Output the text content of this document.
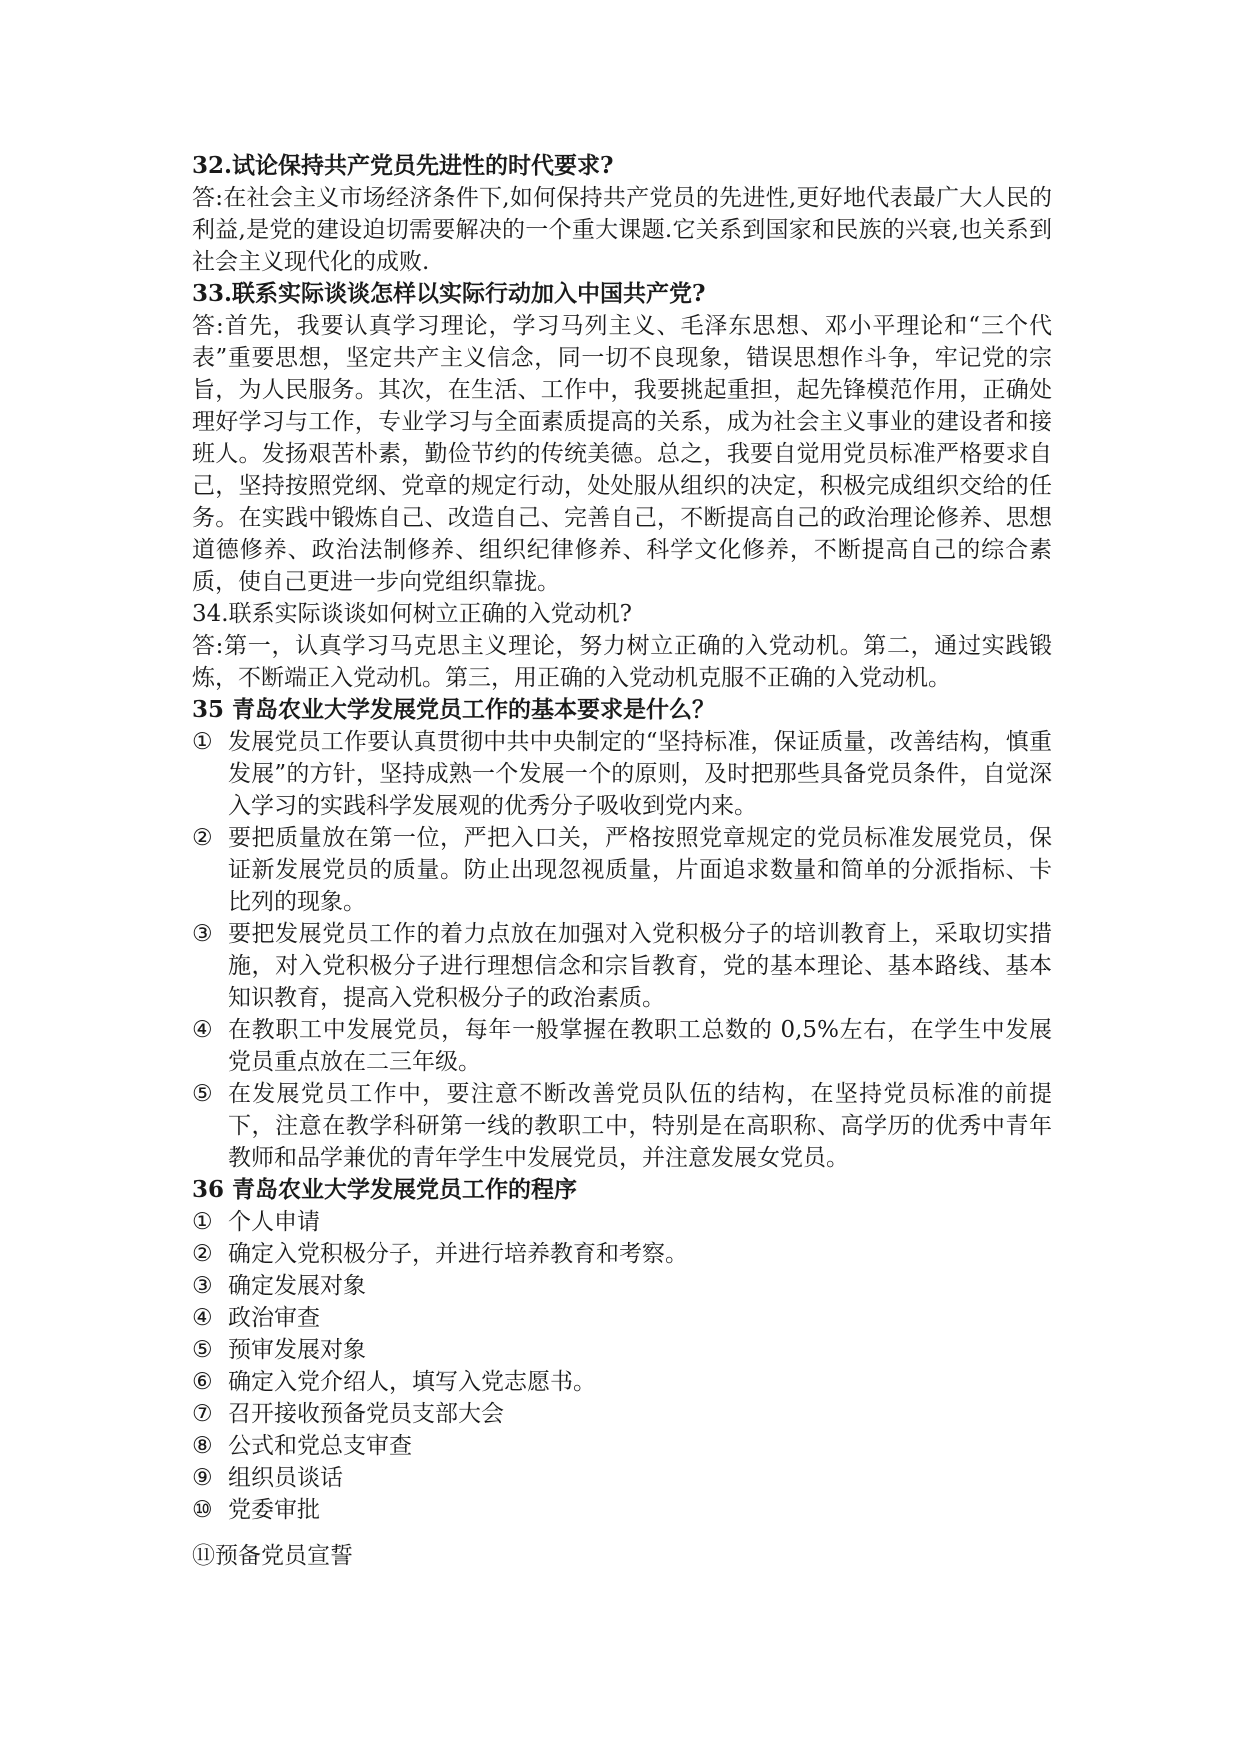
32.试论保持共产党员先进性的时代要求?

答:在社会主义市场经济条件下,如何保持共产党员的先进性,更好地代表最广大人民的利益,是党的建设迫切需要解决的一个重大课题.它关系到国家和民族的兴衰,也关系到社会主义现代化的成败.

33.联系实际谈谈怎样以实际行动加入中国共产党?

答:首先，我要认真学习理论，学习马列主义、毛泽东思想、邓小平理论和“三个代表”重要思想，坚定共产主义信念，同一切不良现象，错误思想作斗争，牢记党的宗旨，为人民服务。其次，在生活、工作中，我要挑起重担，起先锋模范作用，正确处理好学习与工作，专业学习与全面素质提高的关系，成为社会主义事业的建设者和接班人。发扬艰苦朴素，勤俭节约的传统美德。总之，我要自觉用党员标准严格要求自己，坚持按照党纲、党章的规定行动，处处服从组织的决定，积极完成组织交给的任务。在实践中锻炼自己、改造自己、完善自己，不断提高自己的政治理论修养、思想道德修养、政治法制修养、组织纪律修养、科学文化修养，不断提高自己的综合素质，使自己更进一步向党组织靠拢。

34.联系实际谈谈如何树立正确的入党动机?

答:第一，认真学习马克思主义理论，努力树立正确的入党动机。第二，通过实践锻炼，不断端正入党动机。第三，用正确的入党动机克服不正确的入党动机。

35 青岛农业大学发展党员工作的基本要求是什么？

① 发展党员工作要认真贯彻中共中央制定的“坚持标准，保证质量，改善结构，慎重发展”的方针，坚持成熟一个发展一个的原则，及时把那些具备党员条件，自觉深入学习的实践科学发展观的优秀分子吸收到党内来。
② 要把质量放在第一位，严把入口关，严格按照党章规定的党员标准发展党员，保证新发展党员的质量。防止出现忽视质量，片面追求数量和简单的分派指标、卡比列的现象。
③ 要把发展党员工作的着力点放在加强对入党积极分子的培训教育上，采取切实措施，对入党积极分子进行理想信念和宗旨教育，党的基本理论、基本路线、基本知识教育，提高入党积极分子的政治素质。
④ 在教职工中发展党员，每年一般掌握在教职工总数的 0,5%左右，在学生中发展党员重点放在二三年级。
⑤ 在发展党员工作中，要注意不断改善党员队伍的结构，在坚持党员标准的前提下，注意在教学科研第一线的教职工中，特别是在高职称、高学历的优秀中青年教师和品学兼优的青年学生中发展党员，并注意发展女党员。

36 青岛农业大学发展党员工作的程序

① 个人申请
② 确定入党积极分子，并进行培养教育和考察。
③ 确定发展对象
④ 政治审查
⑤ 预审发展对象
⑥ 确定入党介绍人，填写入党志愿书。
⑦ 召开接收预备党员支部大会
⑧ 公式和党总支审查
⑨ 组织员谈话
⑩ 党委审批

⑪预备党员宣誓
